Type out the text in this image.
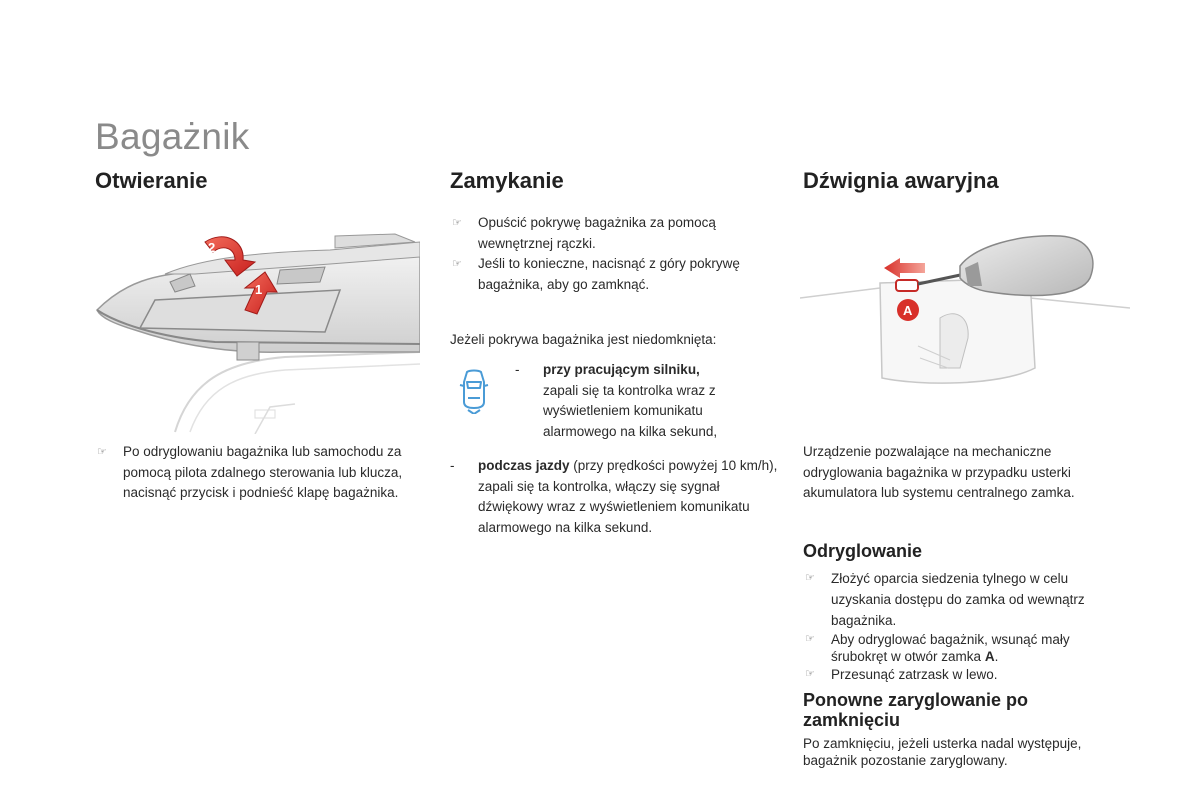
Bagażnik
Otwieranie
2
1
☞ Po odryglowaniu bagażnika lub samochodu za pomocą pilota zdalnego sterowania lub klucza, nacisnąć przycisk i podnieść klapę bagażnika.
Zamykanie
☞ Opuścić pokrywę bagażnika za pomocą wewnętrznej rączki.
☞ Jeśli to konieczne, nacisnąć z góry pokrywę bagażnika, aby go zamknąć.
Jeżeli pokrywa bagażnika jest niedomknięta:
- przy pracującym silniku,
zapali się ta kontrolka wraz z wyświetleniem komunikatu alarmowego na kilka sekund,
- podczas jazdy (przy prędkości powyżej 10 km/h), zapali się ta kontrolka, włączy się sygnał dźwiękowy wraz z wyświetleniem komunikatu alarmowego na kilka sekund.
Dźwignia awaryjna
A
Urządzenie pozwalające na mechaniczne odryglowania bagażnika w przypadku usterki akumulatora lub systemu centralnego zamka.
Odryglowanie
☞ Złożyć oparcia siedzenia tylnego w celu uzyskania dostępu do zamka od wewnątrz bagażnika.
☞ Aby odryglować bagażnik, wsunąć mały śrubokręt w otwór zamka A.
☞ Przesunąć zatrzask w lewo.
Ponowne zaryglowanie po zamknięciu
Po zamknięciu, jeżeli usterka nadal występuje, bagażnik pozostanie zaryglowany.
